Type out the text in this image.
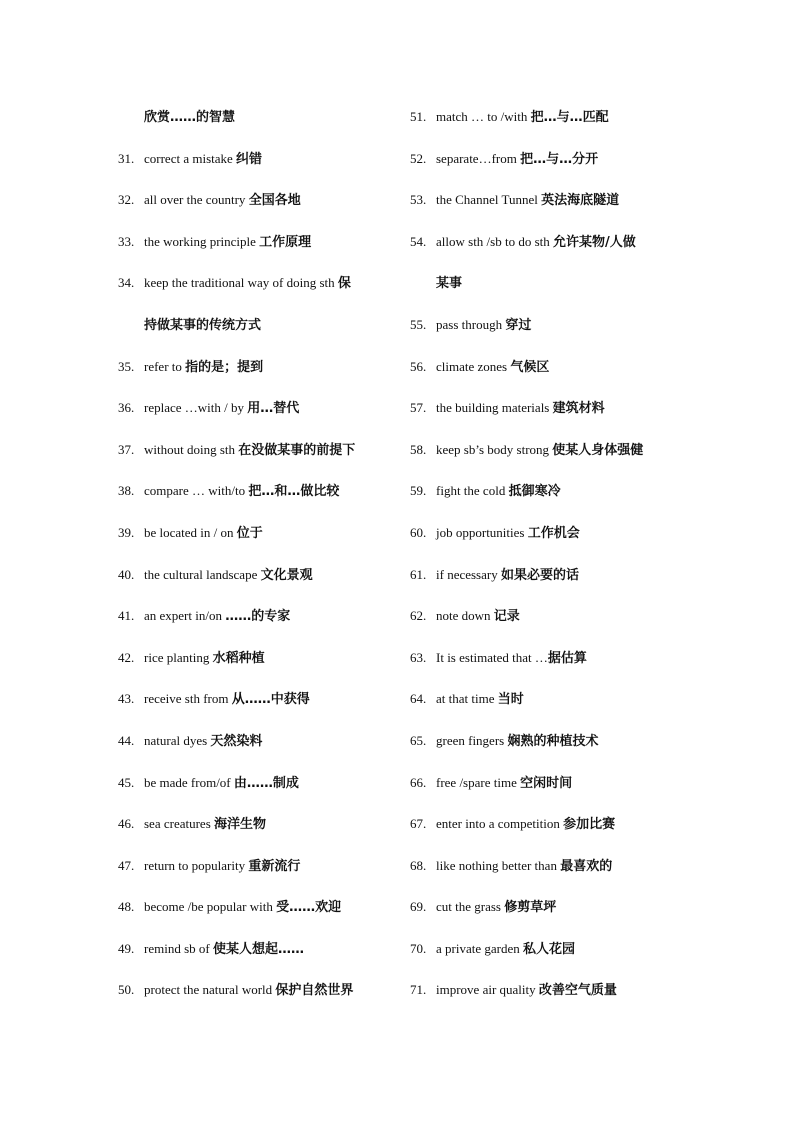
欣赏……的智慧
31. correct a mistake 纠错
32. all over the country 全国各地
33. the working principle 工作原理
34. keep the traditional way of doing sth 保
持做某事的传统方式
35. refer to 指的是；提到
36. replace …with / by 用…替代
37. without doing sth 在没做某事的前提下
38. compare … with/to 把…和…做比较
39. be located in / on 位于
40. the cultural landscape 文化景观
41. an expert in/on ……的专家
42. rice planting 水稻种植
43. receive sth from 从……中获得
44. natural dyes 天然染料
45. be made from/of 由……制成
46. sea creatures 海洋生物
47. return to popularity 重新流行
48. become /be popular with 受……欢迎
49. remind sb of 使某人想起……
50. protect the natural world 保护自然世界
51. match … to /with 把…与…匹配
52. separate…from 把…与…分开
53. the Channel Tunnel 英法海底隧道
54. allow sth /sb to do sth 允许某物/人做
某事
55. pass through 穿过
56. climate zones 气候区
57. the building materials 建筑材料
58. keep sb’s body strong 使某人身体强健
59. fight the cold 抵御寒冷
60. job opportunities 工作机会
61. if necessary 如果必要的话
62. note down 记录
63. It is estimated that …据估算
64. at that time 当时
65. green fingers 娴熟的种植技术
66. free /spare time 空闲时间
67. enter into a competition 参加比赛
68. like nothing better than 最喜欢的
69. cut the grass 修剪草坪
70. a private garden 私人花园
71. improve air quality 改善空气质量
